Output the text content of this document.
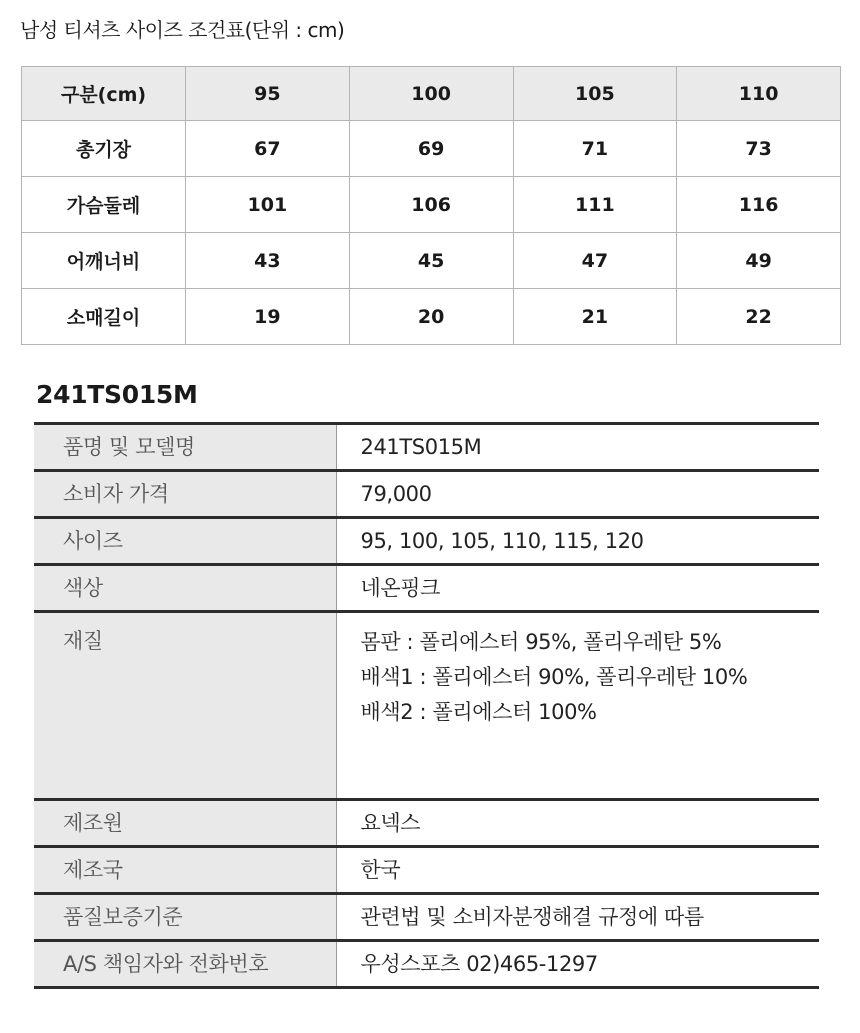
남성 티셔츠 사이즈 조건표(단위 : cm)
구분(cm)	95	100	105	110
총기장	67	69	71	73
가슴둘레	101	106	111	116
어깨너비	43	45	47	49
소매길이	19	20	21	22
241TS015M
품명 및 모델명	241TS015M
소비자 가격	79,000
사이즈	95, 100, 105, 110, 115, 120
색상	네온핑크
재질	몸판 : 폴리에스터 95%, 폴리우레탄 5%
배색1 : 폴리에스터 90%, 폴리우레탄 10%
배색2 : 폴리에스터 100%

제조원	요넥스
제조국	한국
품질보증기준	관련법 및 소비자분쟁해결 규정에 따름
A/S 책임자와 전화번호	우성스포츠 02)465-1297
